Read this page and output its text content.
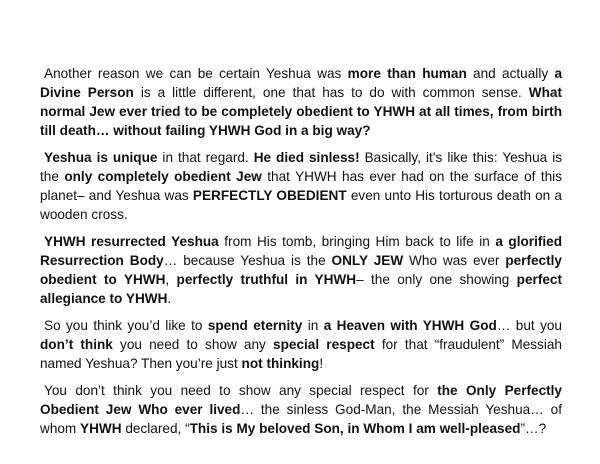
Another reason we can be certain Yeshua was more than human and actually a Divine Person is a little different, one that has to do with common sense. What normal Jew ever tried to be completely obedient to YHWH at all times, from birth till death… without failing YHWH God in a big way?

Yeshua is unique in that regard. He died sinless! Basically, it’s like this: Yeshua is the only completely obedient Jew that YHWH has ever had on the surface of this planet– and Yeshua was PERFECTLY OBEDIENT even unto His torturous death on a wooden cross.

YHWH resurrected Yeshua from His tomb, bringing Him back to life in a glorified Resurrection Body… because Yeshua is the ONLY JEW Who was ever perfectly obedient to YHWH, perfectly truthful in YHWH– the only one showing perfect allegiance to YHWH.

So you think you’d like to spend eternity in a Heaven with YHWH God… but you don’t think you need to show any special respect for that “fraudulent” Messiah named Yeshua? Then you’re just not thinking!

You don’t think you need to show any special respect for the Only Perfectly Obedient Jew Who ever lived… the sinless God-Man, the Messiah Yeshua… of whom YHWH declared, “This is My beloved Son, in Whom I am well-pleased”…?
